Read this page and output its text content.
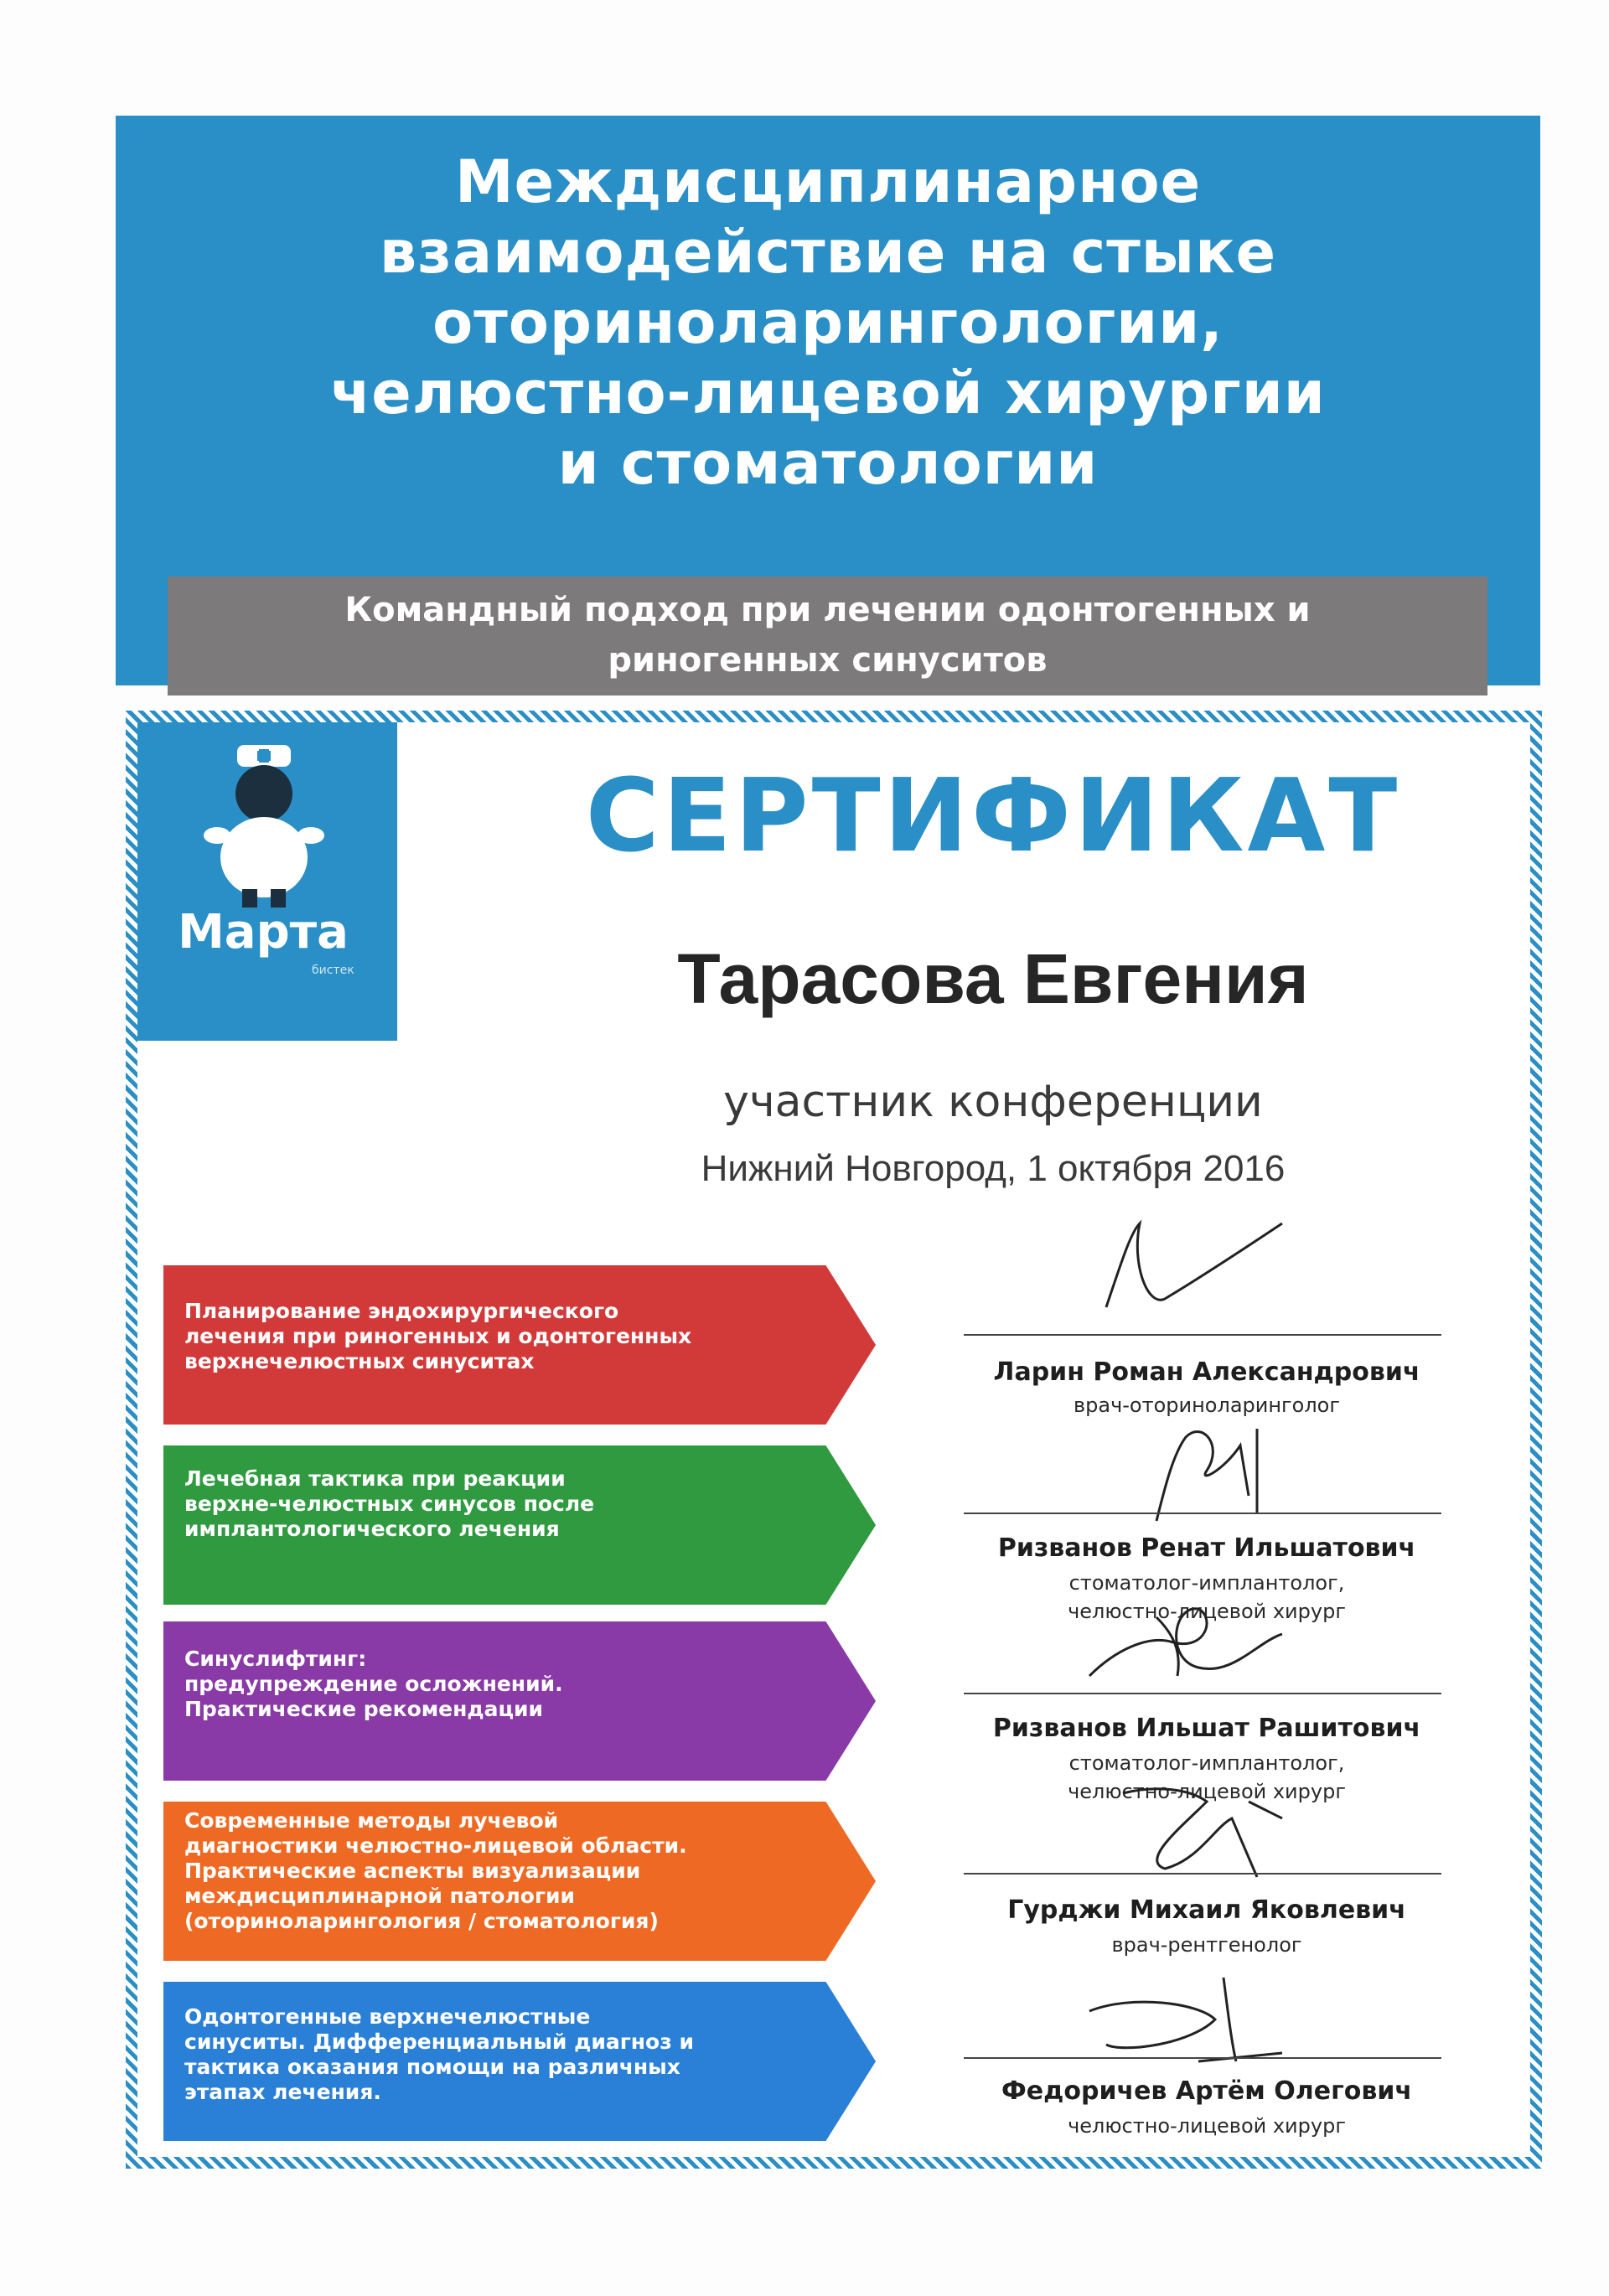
Междисциплинарное
взаимодействие на стыке
оториноларингологии,
челюстно-лицевой хирургии
и стоматологии
Командный подход при лечении одонтогенных и
риногенных синуситов
Марта
бистек
СЕРТИФИКАТ
Тарасова Евгения
участник конференции
Нижний Новгород, 1 октября 2016
Планирование эндохирургического
лечения при риногенных и одонтогенных
верхнечелюстных синуситах
Лечебная тактика при реакции
верхне-челюстных синусов после
имплантологического лечения
Синуслифтинг:
предупреждение осложнений.
Практические рекомендации
Современные методы лучевой
диагностики челюстно-лицевой области.
Практические аспекты визуализации
междисциплинарной патологии
(оториноларингология / стоматология)
Одонтогенные верхнечелюстные
синуситы. Дифференциальный диагноз и
тактика оказания помощи на различных
этапах лечения.
Ларин Роман Александрович
врач-оториноларинголог
Ризванов Ренат Ильшатович
стоматолог-имплантолог,
челюстно-лицевой хирург
Ризванов Ильшат Рашитович
стоматолог-имплантолог,
челюстно-лицевой хирург
Гурджи Михаил Яковлевич
врач-рентгенолог
Федоричев Артём Олегович
челюстно-лицевой хирург
